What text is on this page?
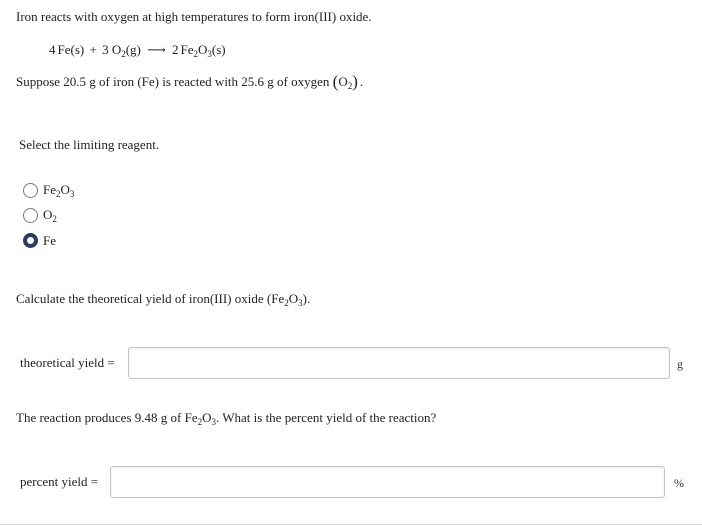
Iron reacts with oxygen at high temperatures to form iron(III) oxide.
4 Fe(s) + 3 $O_2(g)$ ⟶ 2 $Fe_2O_3(s)$
Suppose 20.5 g of iron (Fe) is reacted with 25.6 g of oxygen $(O_2)$ .
Select the limiting reagent.
$Fe_2O_3$
$O_2$
Fe
Calculate the theoretical yield of iron(III) oxide $(Fe_2O_3)$.
theoretical yield =	g
The reaction produces 9.48 g of $Fe_2O_3$. What is the percent yield of the reaction?
percent yield =	%
